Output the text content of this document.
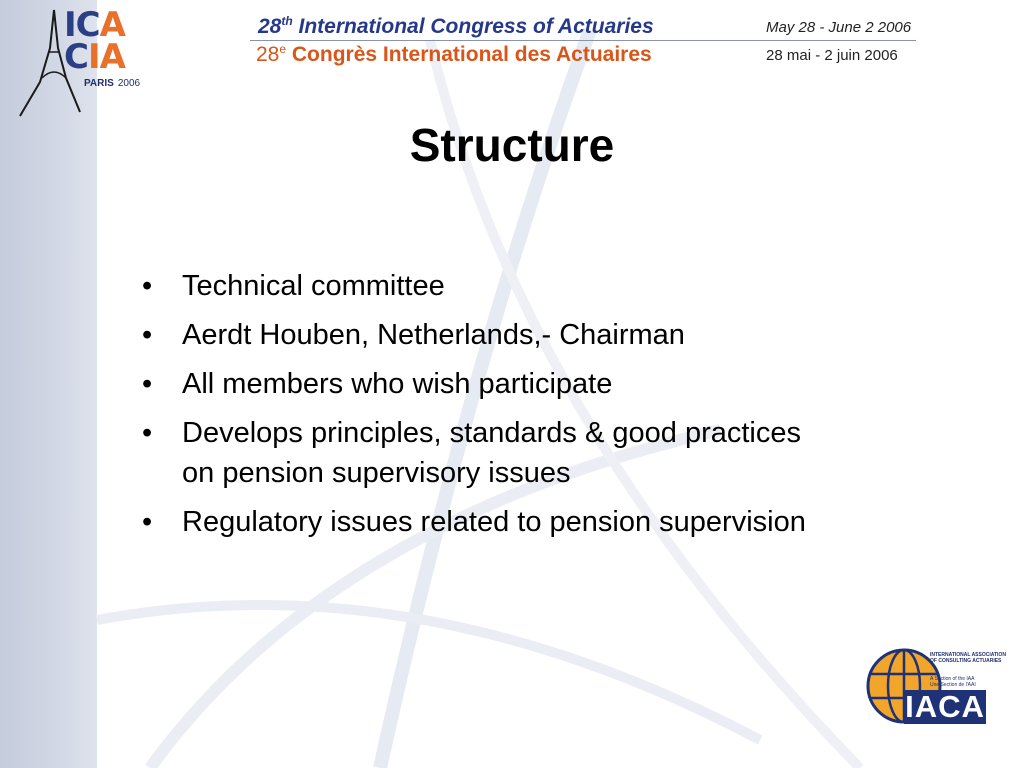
ICA
CIA
PARIS 2006
28th International Congress of Actuaries
28e Congrès International des Actuaires
May 28 - June 2 2006
28 mai - 2 juin 2006
Structure
•	Technical committee
•	Aerdt Houben, Netherlands,- Chairman
•	All members who wish participate
•	Develops principles, standards & good practices on pension supervisory issues
•	Regulatory issues related to pension supervision
INTERNATIONAL ASSOCIATION
OF CONSULTING ACTUARIES
A Section of the IAA
Une Section de l'AAI
IACA
